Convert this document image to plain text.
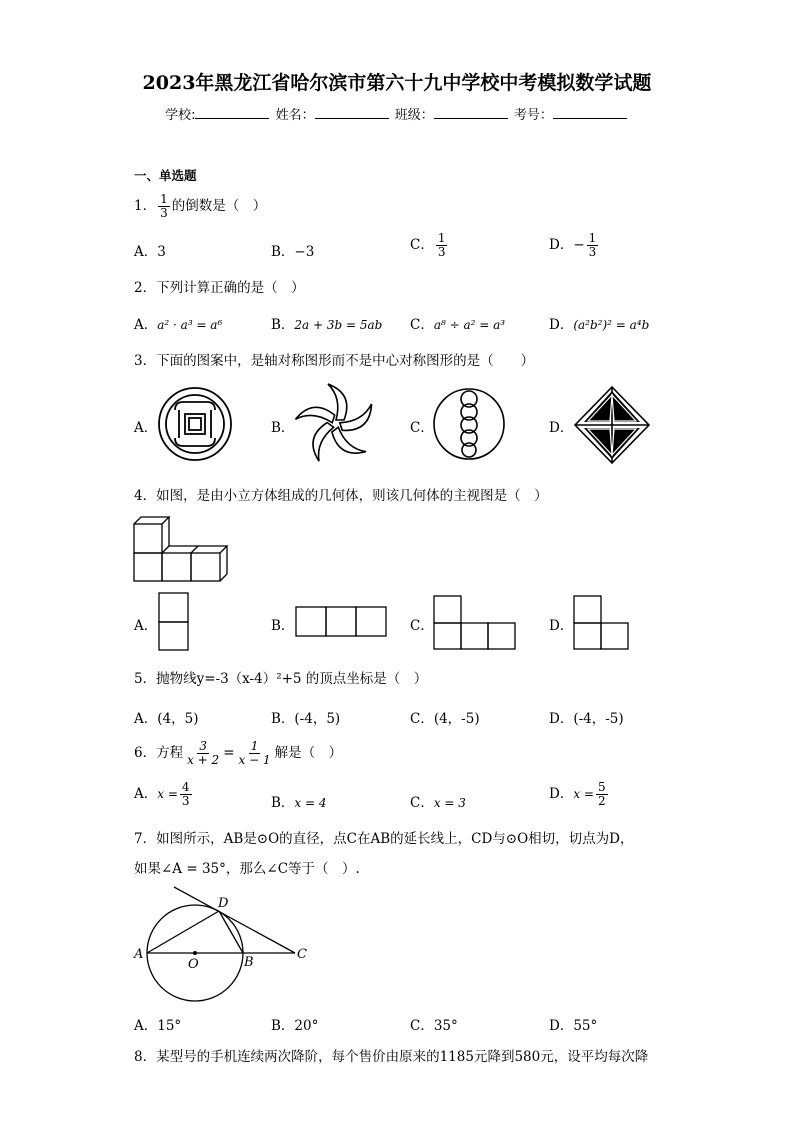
2023年黑龙江省哈尔滨市第六十九中学校中考模拟数学试题
学校:	姓名：	班级：	考号：
一、单选题
1． $\frac{1}{3}$ 的倒数是（　）
A．3	B．−3	C． $\frac{1}{3}$	D．− $\frac{1}{3}$
2．下列计算正确的是（　）
A．a² · a³ = a⁶	B．2a + 3b = 5ab C．a⁸ ÷ a² = a³	D．(a²b²)² = a⁴b
3．下面的图案中，是轴对称图形而不是中心对称图形的是（　　）
A．	B．	C．	D．
4．如图，是由小立方体组成的几何体，则该几何体的主视图是（　）
A．	B．	C．	D．
5．抛物线y=-3（x-4）²+5 的顶点坐标是（　）
A．(4，5)	B．(-4，5)	C．(4，-5)	D．(-4，-5)
6．方程 $\frac{3}{x + 2} = \frac{1}{x - 1}$ 解是（　）
A．$x = \frac{4}{3}$	B．x = 4	C．x = 3
D．$x = \frac{5}{2}$
7．如图所示，AB是⊙O的直径，点C在AB的延长线上，CD与⊙O相切，切点为D，
如果∠A = 35°，那么∠C等于（　）.
A
O	B
C
D
A．15°	B．20°	C．35°	D．55°
8．某型号的手机连续两次降阶，每个售价由原来的1185元降到580元，设平均每次降
